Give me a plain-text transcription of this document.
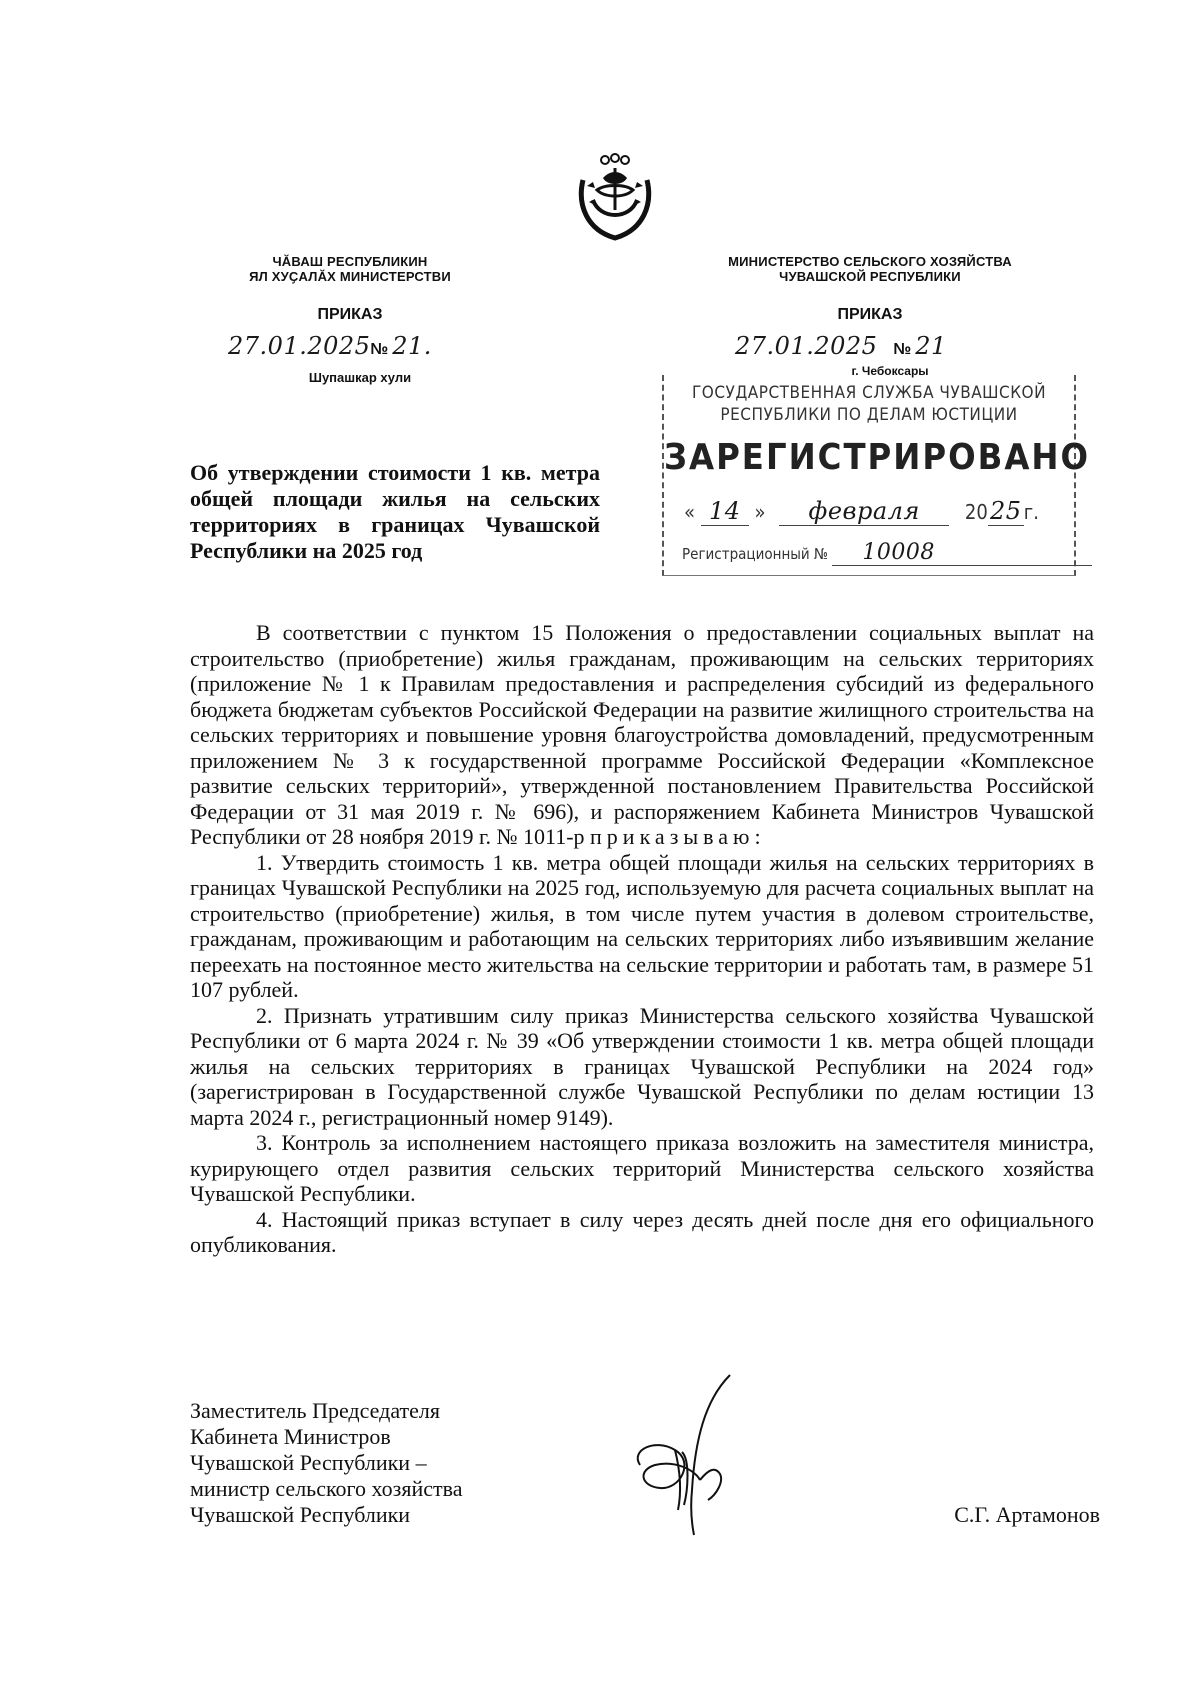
ЧĂВАШ РЕСПУБЛИКИН
ЯЛ ХУҪАЛĂХ МИНИСТЕРСТВИ
ПРИКАЗ
27.01.2025№ 21.
Шупашкар хули
МИНИСТЕРСТВО СЕЛЬСКОГО ХОЗЯЙСТВА
ЧУВАШСКОЙ РЕСПУБЛИКИ
ПРИКАЗ
27.01.2025 № 21
г. Чебоксары
ГОСУДАРСТВЕННАЯ СЛУЖБА ЧУВАШСКОЙ
РЕСПУБЛИКИ ПО ДЕЛАМ ЮСТИЦИИ
ЗАРЕГИСТРИРОВАНО
« 14 » февраля 2025 г.
Регистрационный № 10008
Об утверждении стоимости 1 кв. метра общей площади жилья на сельских территориях в границах Чувашской Республики на 2025 год

В соответствии с пунктом 15 Положения о предоставлении социальных выплат на строительство (приобретение) жилья гражданам, проживающим на сельских территориях (приложение № 1 к Правилам предоставления и распределения субсидий из федерального бюджета бюджетам субъектов Российской Федерации на развитие жилищного строительства на сельских территориях и повышение уровня благоустройства домовладений, предусмотренным приложением № 3 к государственной программе Российской Федерации «Комплексное развитие сельских территорий», утвержденной постановлением Правительства Российской Федерации от 31 мая 2019 г. № 696), и распоряжением Кабинета Министров Чувашской Республики от 28 ноября 2019 г. № 1011-р приказываю:

1. Утвердить стоимость 1 кв. метра общей площади жилья на сельских территориях в границах Чувашской Республики на 2025 год, используемую для расчета социальных выплат на строительство (приобретение) жилья, в том числе путем участия в долевом строительстве, гражданам, проживающим и работающим на сельских территориях либо изъявившим желание переехать на постоянное место жительства на сельские территории и работать там, в размере 51 107 рублей.

2. Признать утратившим силу приказ Министерства сельского хозяйства Чувашской Республики от 6 марта 2024 г. № 39 «Об утверждении стоимости 1 кв. метра общей площади жилья на сельских территориях в границах Чувашской Республики на 2024 год» (зарегистрирован в Государственной службе Чувашской Республики по делам юстиции 13 марта 2024 г., регистрационный номер 9149).

3. Контроль за исполнением настоящего приказа возложить на заместителя министра, курирующего отдел развития сельских территорий Министерства сельского хозяйства Чувашской Республики.

4. Настоящий приказ вступает в силу через десять дней после дня его официального опубликования.

Заместитель Председателя
Кабинета Министров
Чувашской Республики –
министр сельского хозяйства
Чувашской Республики	С.Г. Артамонов
